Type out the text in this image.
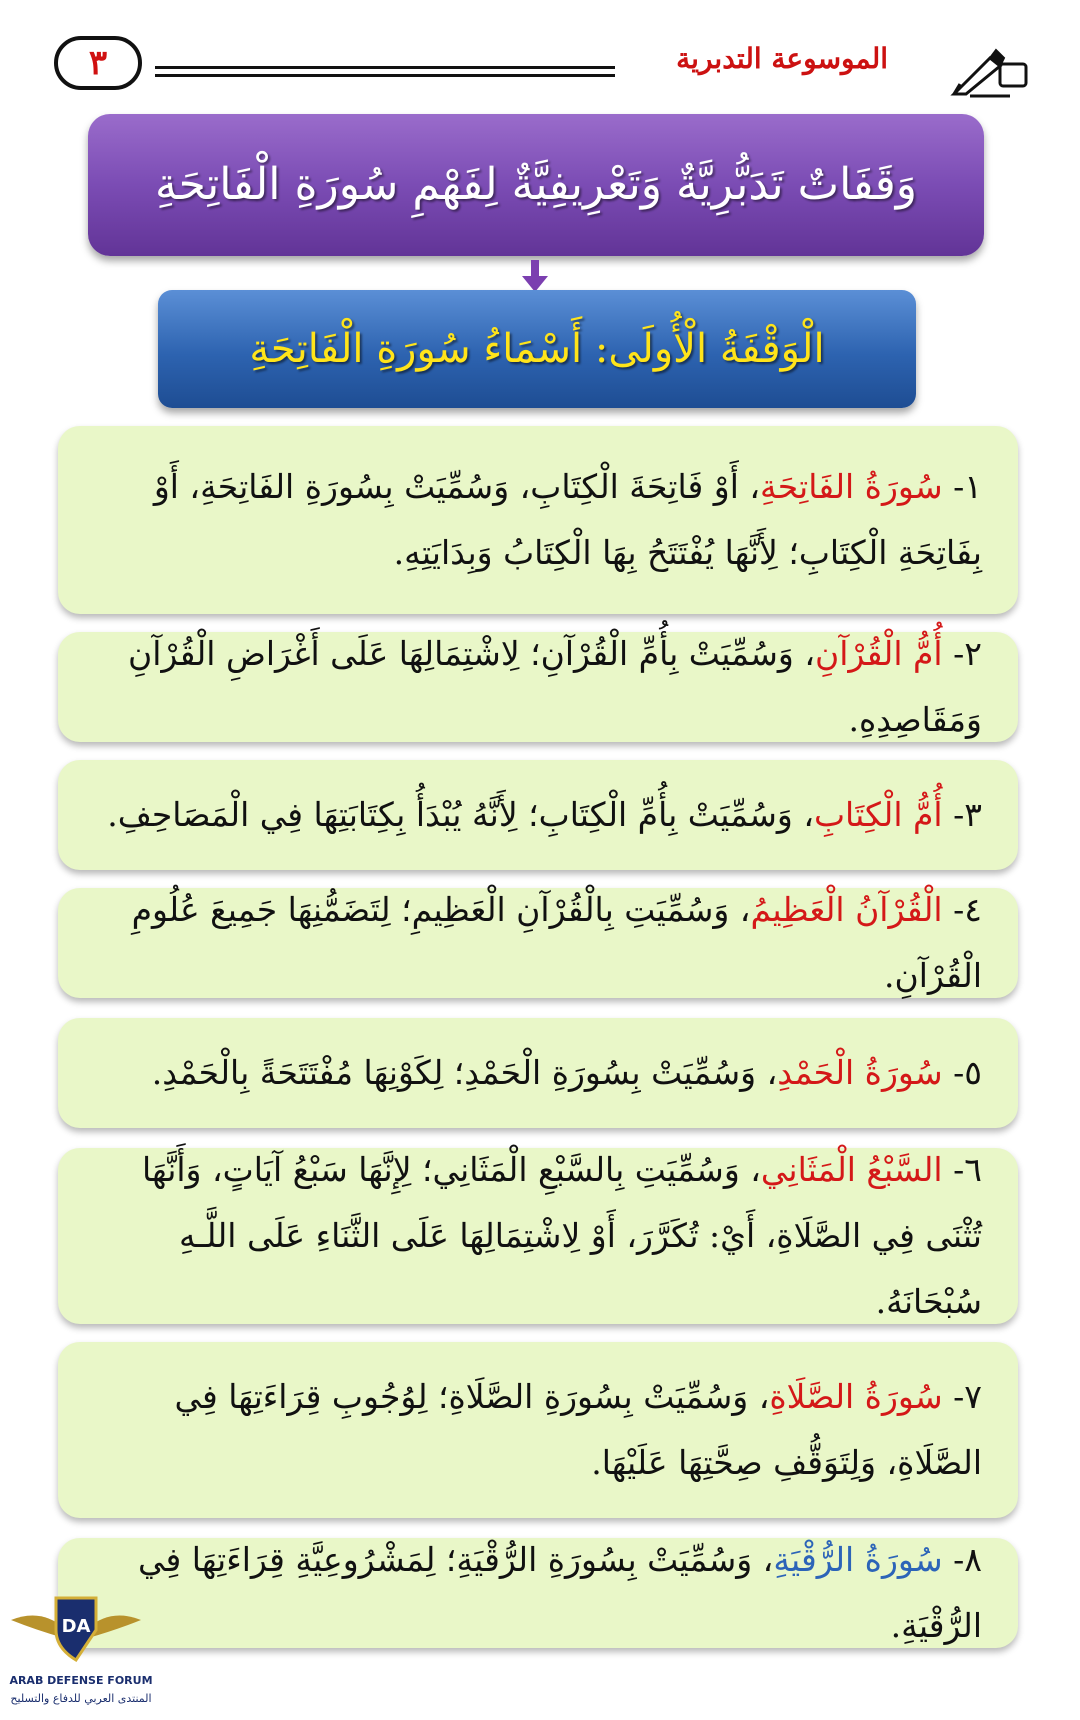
٣	الموسوعة التدبرية
وَقَفَاتٌ تَدَبُّرِيَّةٌ وَتَعْرِيفِيَّةٌ لِفَهْمِ سُورَةِ الْفَاتِحَةِ
الْوَقْفَةُ الْأُولَى: أَسْمَاءُ سُورَةِ الْفَاتِحَةِ
١- سُورَةُ الفَاتِحَةِ، أَوْ فَاتِحَةَ الْكِتَابِ، وَسُمِّيَتْ بِسُورَةِ الفَاتِحَةِ، أَوْ بِفَاتِحَةِ الْكِتَابِ؛ لِأَنَّهَا يُفْتَتَحُ بِهَا الْكِتَابُ وَبِدَايَتِهِ.
٢- أُمُّ الْقُرْآنِ، وَسُمِّيَتْ بِأُمِّ الْقُرْآنِ؛ لِاشْتِمَالِهَا عَلَى أَغْرَاضِ الْقُرْآنِ وَمَقَاصِدِهِ.
٣- أُمُّ الْكِتَابِ، وَسُمِّيَتْ بِأُمِّ الْكِتَابِ؛ لِأَنَّهُ يُبْدَأُ بِكِتَابَتِهَا فِي الْمَصَاحِفِ.
٤- الْقُرْآنُ الْعَظِيمُ، وَسُمِّيَتِ بِالْقُرْآنِ الْعَظِيمِ؛ لِتَضَمُّنِهَا جَمِيعَ عُلُومِ الْقُرْآنِ.
٥- سُورَةُ الْحَمْدِ، وَسُمِّيَتْ بِسُورَةِ الْحَمْدِ؛ لِكَوْنِهَا مُفْتَتَحَةً بِالْحَمْدِ.
٦- السَّبْعُ الْمَثَانِي، وَسُمِّيَتِ بِالسَّبْعِ الْمَثَانِي؛ لِإِنَّهَا سَبْعُ آيَاتٍ، وَأَنَّهَا تُثْنَى فِي الصَّلَاةِ، أَيْ: تُكَرَّرَ، أَوْ لِاشْتِمَالِهَا عَلَى الثَّنَاءِ عَلَى اللَّـهِ سُبْحَانَهُ.
٧- سُورَةُ الصَّلَاةِ، وَسُمِّيَتْ بِسُورَةِ الصَّلَاةِ؛ لِوُجُوبِ قِرَاءَتِهَا فِي الصَّلَاةِ، وَلِتَوَقُّفِ صِحَّتِهَا عَلَيْهَا.
٨- سُورَةُ الرُّقْيَةِ، وَسُمِّيَتْ بِسُورَةِ الرُّقْيَةِ؛ لِمَشْرُوعِيَّةِ قِرَاءَتِهَا فِي الرُّقْيَةِ.
DA
ARAB DEFENSE FORUM
المنتدى العربي للدفاع والتسليح
